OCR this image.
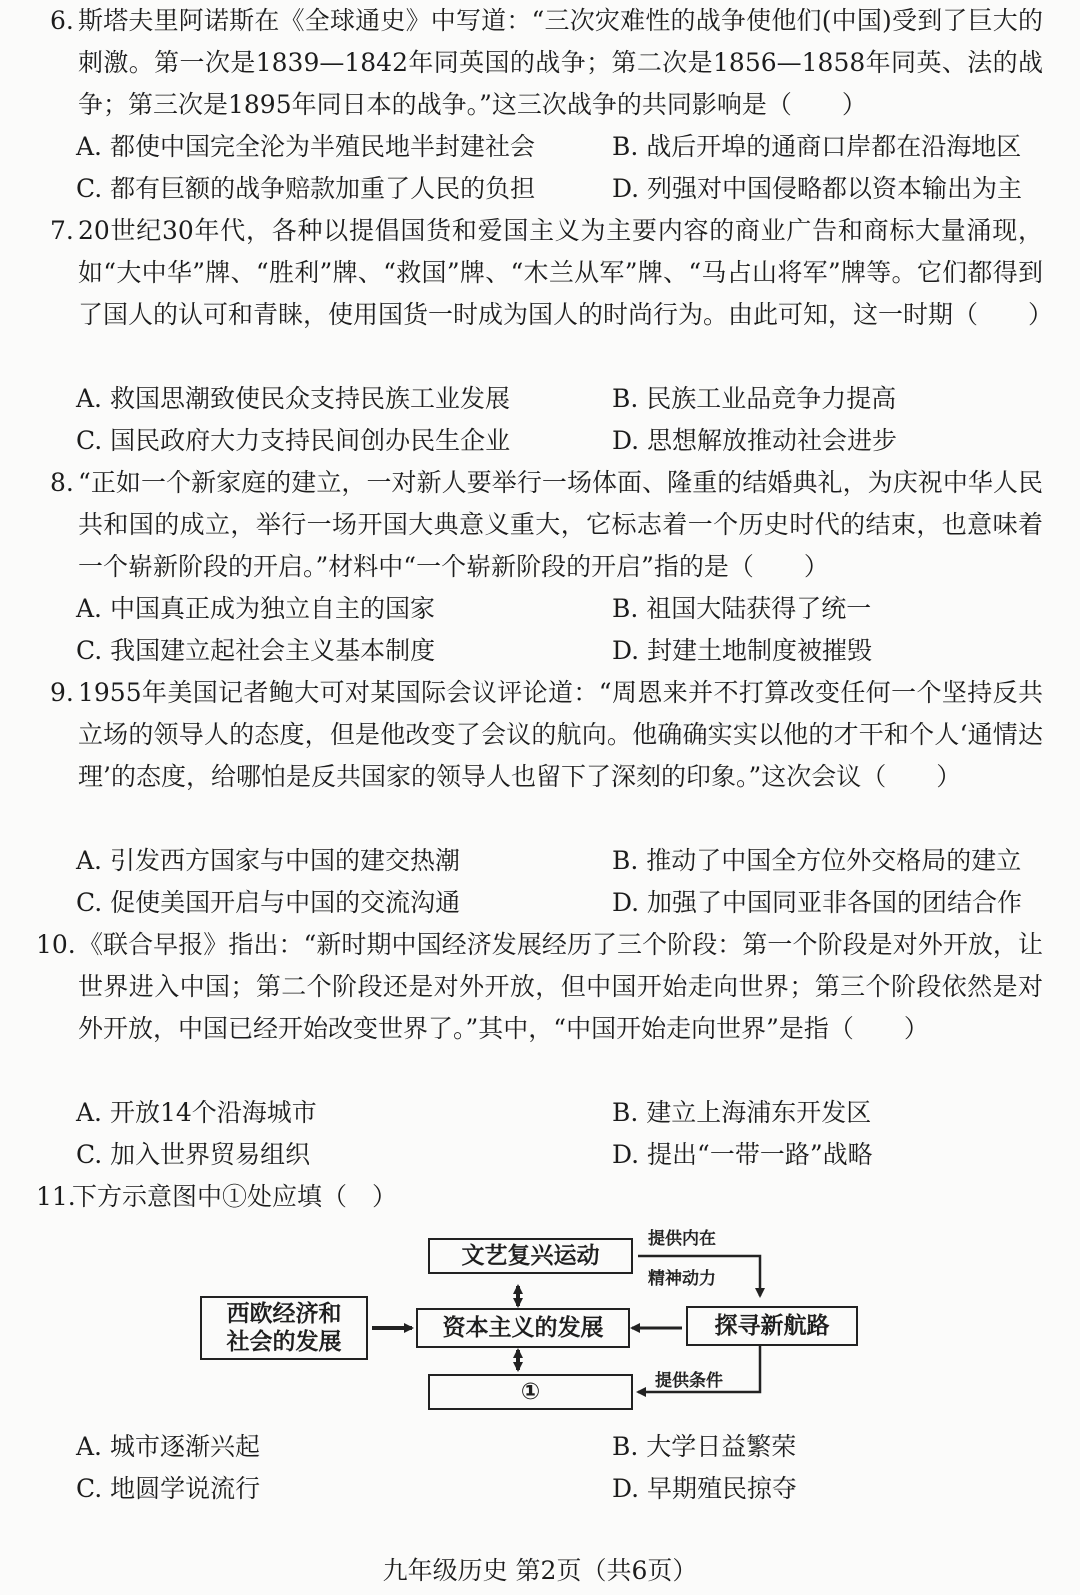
6. 斯塔夫里阿诺斯在《全球通史》中写道：“三次灾难性的战争使他们(中国)受到了巨大的刺激。第一次是1839—1842年同英国的战争；第二次是1856—1858年同英、法的战争；第三次是1895年同日本的战争。”这三次战争的共同影响是（　　）
A. 都使中国完全沦为半殖民地半封建社会	B. 战后开埠的通商口岸都在沿海地区
C. 都有巨额的战争赔款加重了人民的负担	D. 列强对中国侵略都以资本输出为主
7. 20世纪30年代，各种以提倡国货和爱国主义为主要内容的商业广告和商标大量涌现，如“大中华”牌、“胜利”牌、“救国”牌、“木兰从军”牌、“马占山将军”牌等。它们都得到了国人的认可和青睐，使用国货一时成为国人的时尚行为。由此可知，这一时期（　　）
A. 救国思潮致使民众支持民族工业发展	B. 民族工业品竞争力提高
C. 国民政府大力支持民间创办民生企业	D. 思想解放推动社会进步
8. “正如一个新家庭的建立，一对新人要举行一场体面、隆重的结婚典礼，为庆祝中华人民共和国的成立，举行一场开国大典意义重大，它标志着一个历史时代的结束，也意味着一个崭新阶段的开启。”材料中“一个崭新阶段的开启”指的是（　　）
A. 中国真正成为独立自主的国家	B. 祖国大陆获得了统一
C. 我国建立起社会主义基本制度	D. 封建土地制度被摧毁
9. 1955年美国记者鲍大可对某国际会议评论道：“周恩来并不打算改变任何一个坚持反共立场的领导人的态度，但是他改变了会议的航向。他确确实实以他的才干和个人‘通情达理’的态度，给哪怕是反共国家的领导人也留下了深刻的印象。”这次会议（　　）
A. 引发西方国家与中国的建交热潮	B. 推动了中国全方位外交格局的建立
C. 促使美国开启与中国的交流沟通	D. 加强了中国同亚非各国的团结合作
10. 《联合早报》指出：“新时期中国经济发展经历了三个阶段：第一个阶段是对外开放，让世界进入中国；第二个阶段还是对外开放，但中国开始走向世界；第三个阶段依然是对外开放，中国已经开始改变世界了。”其中，“中国开始走向世界”是指（　　）
A. 开放14个沿海城市	B. 建立上海浦东开发区
C. 加入世界贸易组织	D. 提出“一带一路”战略
11.
下方示意图中①处应填（　）
文艺复兴运动
西欧经济和
社会的发展
资本主义的发展	探寻新航路
①
提供内在
精神动力
提供条件
A. 城市逐渐兴起	B. 大学日益繁荣
C. 地圆学说流行	D. 早期殖民掠夺
九年级历史 第2页（共6页）
